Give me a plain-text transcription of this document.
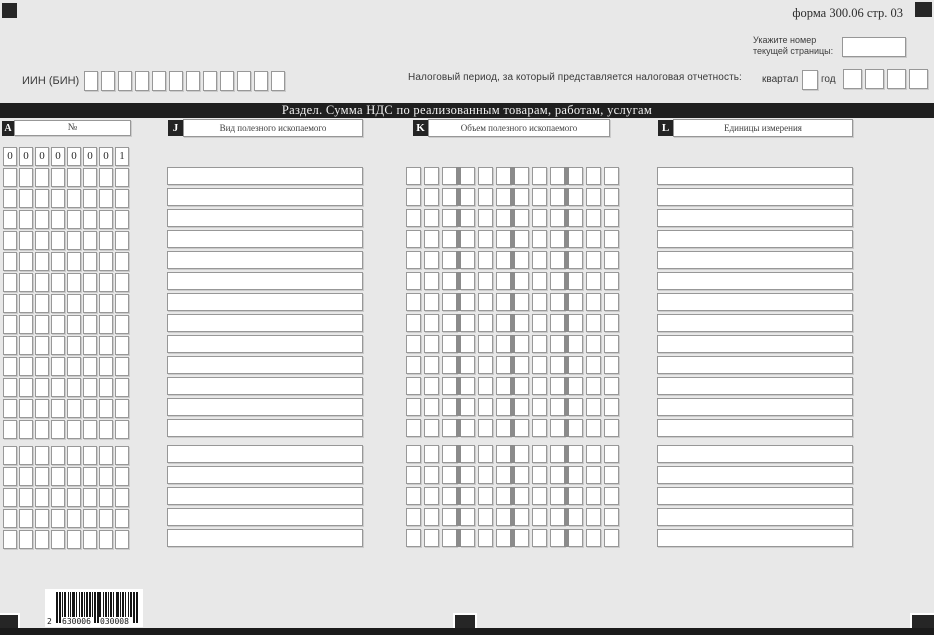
форма 300.06 стр. 03
Укажите номер
текущей страницы:
ИИН (БИН)	Налоговый период, за который представляется налоговая отчетность: квартал год
Раздел. Сумма НДС по реализованным товарам, работам, услугам
A	№	J	Вид полезного ископаемого	K	Объем полезного ископаемого	L	Единицы измерения
0 0 0 0 0 0 0 1
2 630006 030008
